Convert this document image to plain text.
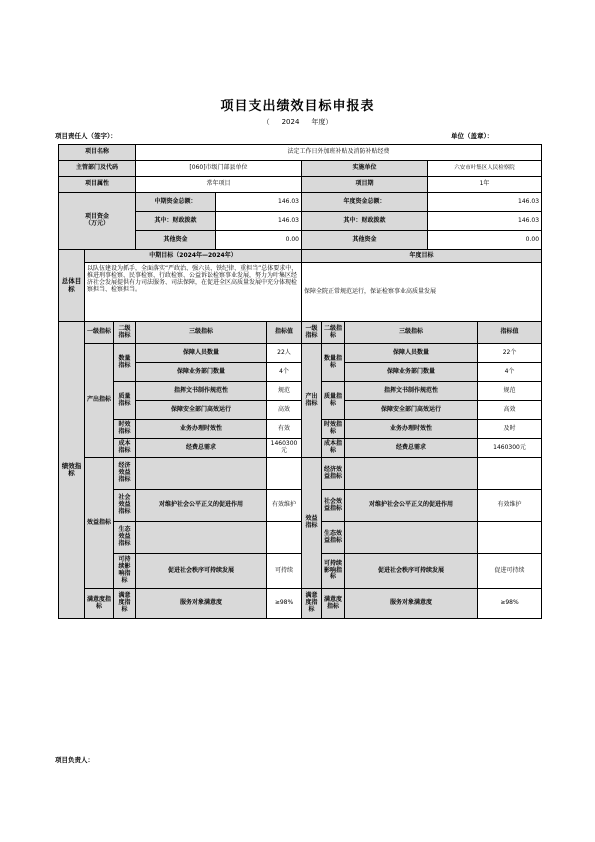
项目支出绩效目标申报表
（ 2024 年度）
项目责任人（签字）：	单位（盖章）：
项目名称			法定工作日外加班补贴及消防补贴经费							
主管部门及代码			[060]市级门部县单位			实施单位			六安市叶集区人民检察院	
项目属性			常年项目			项目期			1年	
项目资金
（万元）			中期资金总额：	146.03		年度资金总额：			146.03	
			其中：财政拨款	146.03		其中：财政拨款			146.03	
			其他资金	0.00		其他资金			0.00	
总体目标	中期目标（2024年—2024年）					年度目标				
	以队伍建设为抓手，全面落实“严政治、强六员、铁纪律、重担当”总体要求中，推进刑事检察、民事检察、行政检察、公益诉讼检察事业发展，努力为叶集区经济社会发展提供有力司法服务、司法保障，在促进全区高质量发展中充分体现检察担当、检察担当。					保障全院正常规范运行，保证检察事业高质量发展				
绩效指标	一级指标	二级指标	三级指标		指标值	一级指标	二级指标	三级指标		指标值
	产出指标	数量指标	保障人员数量		22人	产出指标	数量指标	保障人员数量		22个
			保障业务部门数量		4个			保障业务部门数量		4个
		质量指标	指挥文书制作规范性		规范		质量指标	指挥文书制作规范性		规范
			保障安全部门高效运行		高效			保障安全部门高效运行		高效
		时效指标	业务办理时效性		有效		时效指标	业务办理时效性		及时
		成本指标	经费总需求		1460300元		成本指标	经费总需求		1460300元
	效益指标	经济效益指标				效益指标	经济效益指标			
		社会效益指标	对维护社会公平正义的促进作用		有效维护		社会效益指标	对维护社会公平正义的促进作用		有效维护
		生态效益指标					生态效益指标			
		可持续影响指标	促进社会秩序可持续发展		可持续		可持续影响指标	促进社会秩序可持续发展		促进可持续

	满意度指标	满意度指标	服务对象满意度		≥98%	满意度指标	满意度指标	服务对象满意度		≥98%
项目负责人：
